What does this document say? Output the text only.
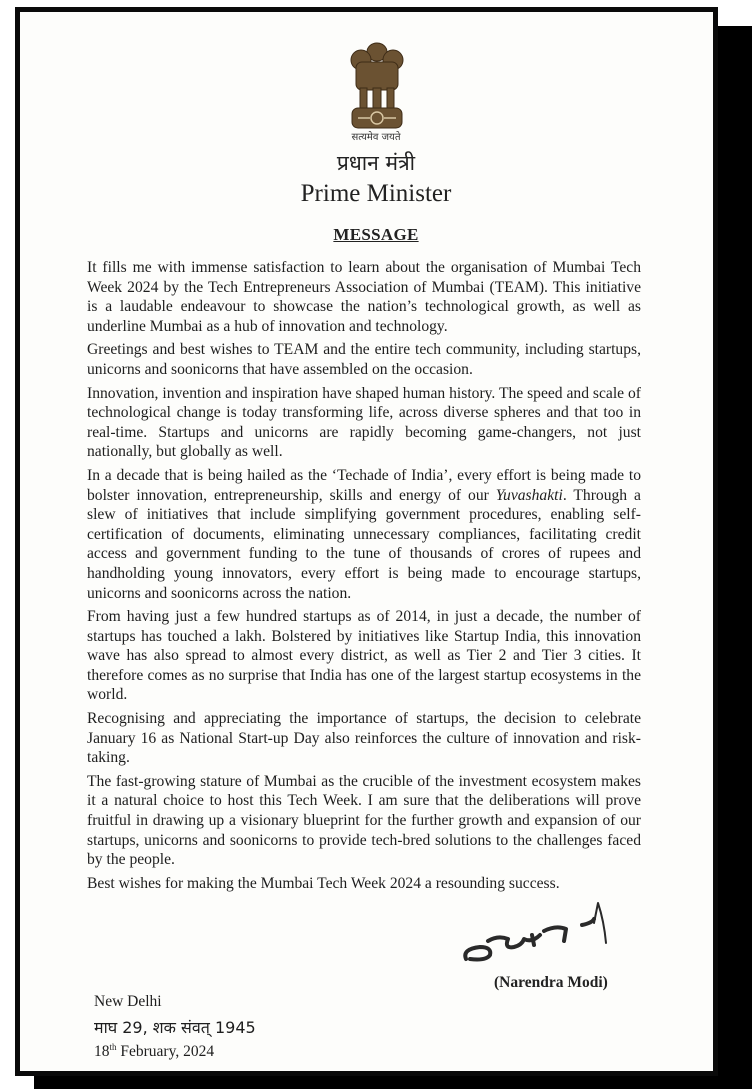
सत्यमेव जयते
प्रधान मंत्री
Prime Minister
MESSAGE

It fills me with immense satisfaction to learn about the organisation of Mumbai Tech Week 2024 by the Tech Entrepreneurs Association of Mumbai (TEAM). This initiative is a laudable endeavour to showcase the nation’s technological growth, as well as underline Mumbai as a hub of innovation and technology.

Greetings and best wishes to TEAM and the entire tech community, including startups, unicorns and soonicorns that have assembled on the occasion.

Innovation, invention and inspiration have shaped human history. The speed and scale of technological change is today transforming life, across diverse spheres and that too in real-time. Startups and unicorns are rapidly becoming game-changers, not just nationally, but globally as well.

In a decade that is being hailed as the ‘Techade of India’, every effort is being made to bolster innovation, entrepreneurship, skills and energy of our Yuvashakti. Through a slew of initiatives that include simplifying government procedures, enabling self-certification of documents, eliminating unnecessary compliances, facilitating credit access and government funding to the tune of thousands of crores of rupees and handholding young innovators, every effort is being made to encourage startups, unicorns and soonicorns across the nation.

From having just a few hundred startups as of 2014, in just a decade, the number of startups has touched a lakh. Bolstered by initiatives like Startup India, this innovation wave has also spread to almost every district, as well as Tier 2 and Tier 3 cities. It therefore comes as no surprise that India has one of the largest startup ecosystems in the world.

Recognising and appreciating the importance of startups, the decision to celebrate January 16 as National Start-up Day also reinforces the culture of innovation and risk-taking.

The fast-growing stature of Mumbai as the crucible of the investment ecosystem makes it a natural choice to host this Tech Week. I am sure that the deliberations will prove fruitful in drawing up a visionary blueprint for the further growth and expansion of our startups, unicorns and soonicorns to provide tech-bred solutions to the challenges faced by the people.

Best wishes for making the Mumbai Tech Week 2024 a resounding success.

(Narendra Modi)
New Delhi
माघ 29, शक संवत् 1945
18th February, 2024
